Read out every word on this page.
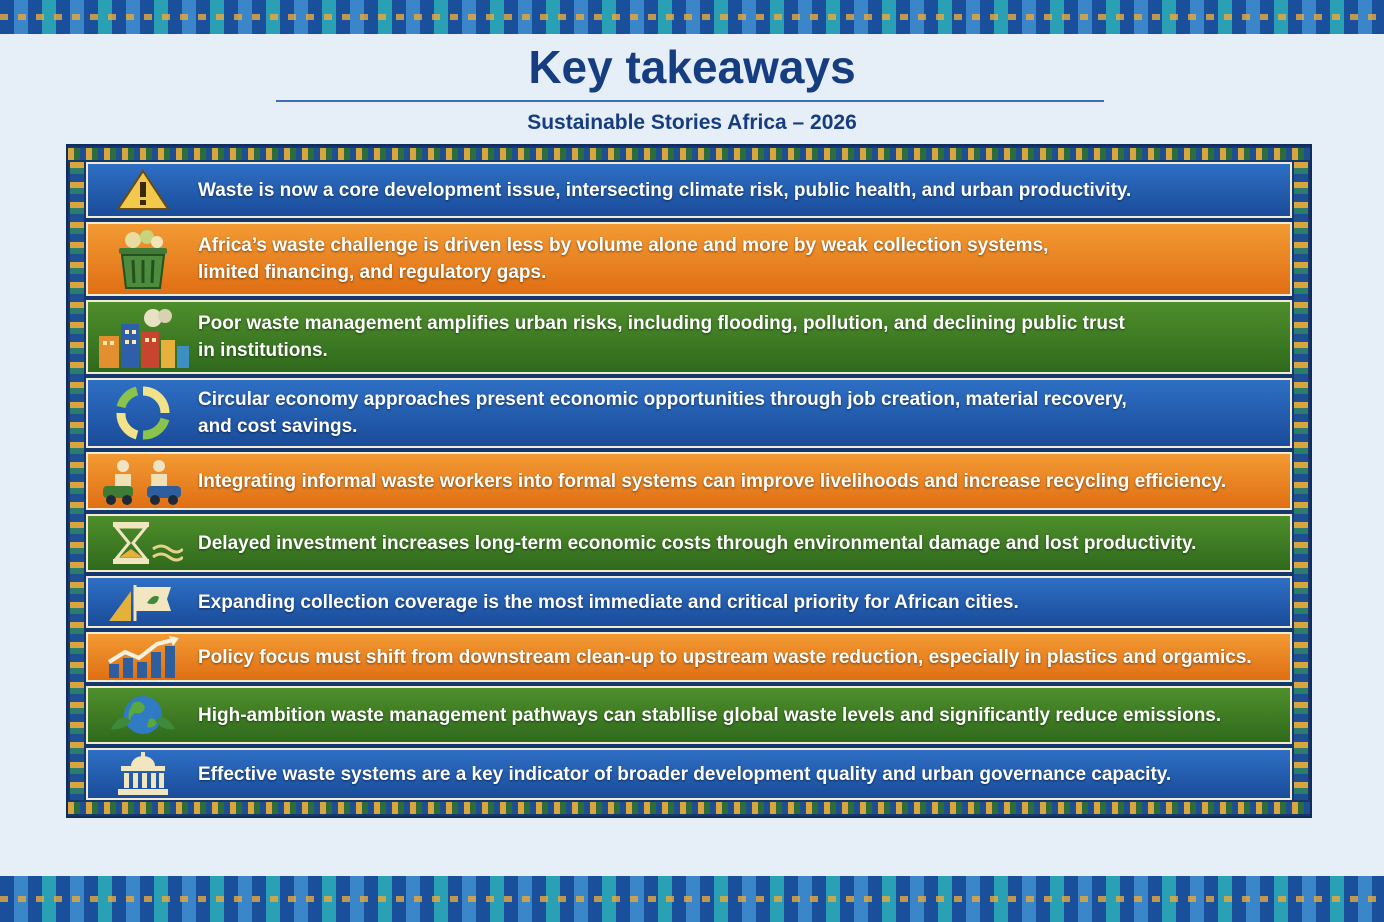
Key takeaways
Sustainable Stories Africa – 2026
Waste is now a core development issue, intersecting climate risk, public health, and urban productivity.
Africa’s waste challenge is driven less by volume alone and more by weak collection systems,
limited financing, and regulatory gaps.
Poor waste management amplifies urban risks, including flooding, pollution, and declining public trust
in institutions.
Circular economy approaches present economic opportunities through job creation, material recovery,
and cost savings.
Integrating informal waste workers into formal systems can improve livelihoods and increase recycling efficiency.
Delayed investment increases long-term economic costs through environmental damage and lost productivity.
Expanding collection coverage is the most immediate and critical priority for African cities.
Policy focus must shift from downstream clean-up to upstream waste reduction, especially in plastics and orgamics.
High-ambition waste management pathways can stabllise global waste levels and significantly reduce emissions.
Effective waste systems are a key indicator of broader development quality and urban governance capacity.
